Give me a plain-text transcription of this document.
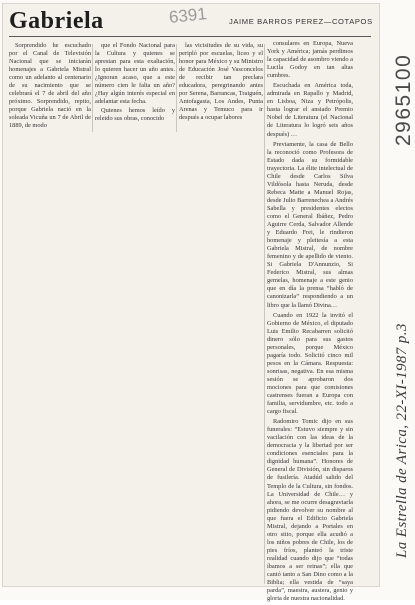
Gabriela	6391	JAIME BARROS PEREZ—COTAPOS

Sorprendido he escuchado por el Canal de Televisión Nacional que se iniciarán homenajes a Gabriela Mistral como un adelanto al centenario de su nacimiento que se celebrará el 7 de abril del año próximo. Sorprendido, repito, porque Gabriela nació en la soleada Vicuña un 7 de Abril de 1889, de modo

que el Fondo Nacional para la Cultura y quienes se aprestan para esta exaltación, lo quieren hacer un año antes. ¿Ignoran acaso, que a este número cien le falta un año? ¿Hay algún interés especial en adelantar esta fecha.

Quienes hemos leído y releido sus obras, conocido

las vicisitudes de su vida, su peripló por escuelas, liceo y el honor para México y su Ministro de Educación José Vasconcelos de recibir tan preclara educadora, peregrinando antes por Serena, Barrancas, Traiguén, Antofagasta, Los Andes, Punta Arenas y Temuco para ir después a ocupar labores

consulares en Europa, Nueva York y América; jamás perdimos la capacidad de asombro viendo a Lucila Godoy en tan altas cumbres.

Escuchada en América toda, admirada en Rapallo y Madrid, en Lisboa, Niza y Petrópolis, hasta lograr el ansiado Premio Nobel de Literatura (el Nacional de Literatura lo logró seis años después) …

Previamente, la casa de Bello la reconoció como Profesora de Estado dada su formidable trayectoria. La élite intelectual de Chile desde Carlos Silva Vildósola hasta Neruda, desde Rebeca Matte a Manuel Rojas, desde Julio Barrenechea a Andrés Sabella y presidentes electos como el General Ibáñez, Pedro Aguirre Cerda, Salvador Allende y Eduardo Frei, le rindieron homenaje y pleitesía a esta Gabriela Mistral, de nombre femenino y de apellido de viento. Si Gabriela D'Annunzio, Si Federico Mistral, sus almas gemelas, homenaje a este genio que en día la prensa “habló de canonizarla” respondiendo a un libro que la llamó Divina…

Cuando en 1922 la invitó el Gobierno de México, el diputado Luis Emilio Recabarren solicitó dinero sólo para sus gastos personales, porque México pagaría todo. Solicitó cinco mil pesos en la Cámara. Respuesta: sonrisas, negativa. En esa misma sesión se aprobaron dos mociones para que comisiones castrenses fueran a Europa con familia, servidumbre, etc. todo a cargo fiscal.

Radomiro Tomic dijo en sus funerales: “Estuvo siempre y sin vacilación con las ideas de la democracia y la libertad por ser condiciones esenciales para la dignidad humana”. Honores de General de División, sin disparos de fusilería. Atadúd salido del Templo de la Cultura, sin fondos. La Universidad de Chile… y ahora, se me ocurre desagraviarla pidiendo devolver su nombre al que fuera el Edificio Gabriela Mistral, dejando a Portales en otro sitio, porque ella acudió a los niños pobres de Chile, los de pies fríos, planteó la triste realidad cuando dijo que “todas íbamos a ser reinas”; ella que cantó tanto a San Dino como a la Biblia; ella vestida de “saya parda”, maestra, austera, genio y gloria de nuestra nacionalidad.

2965100
La Estrella de Arica, 22-XI-1987 p.3
